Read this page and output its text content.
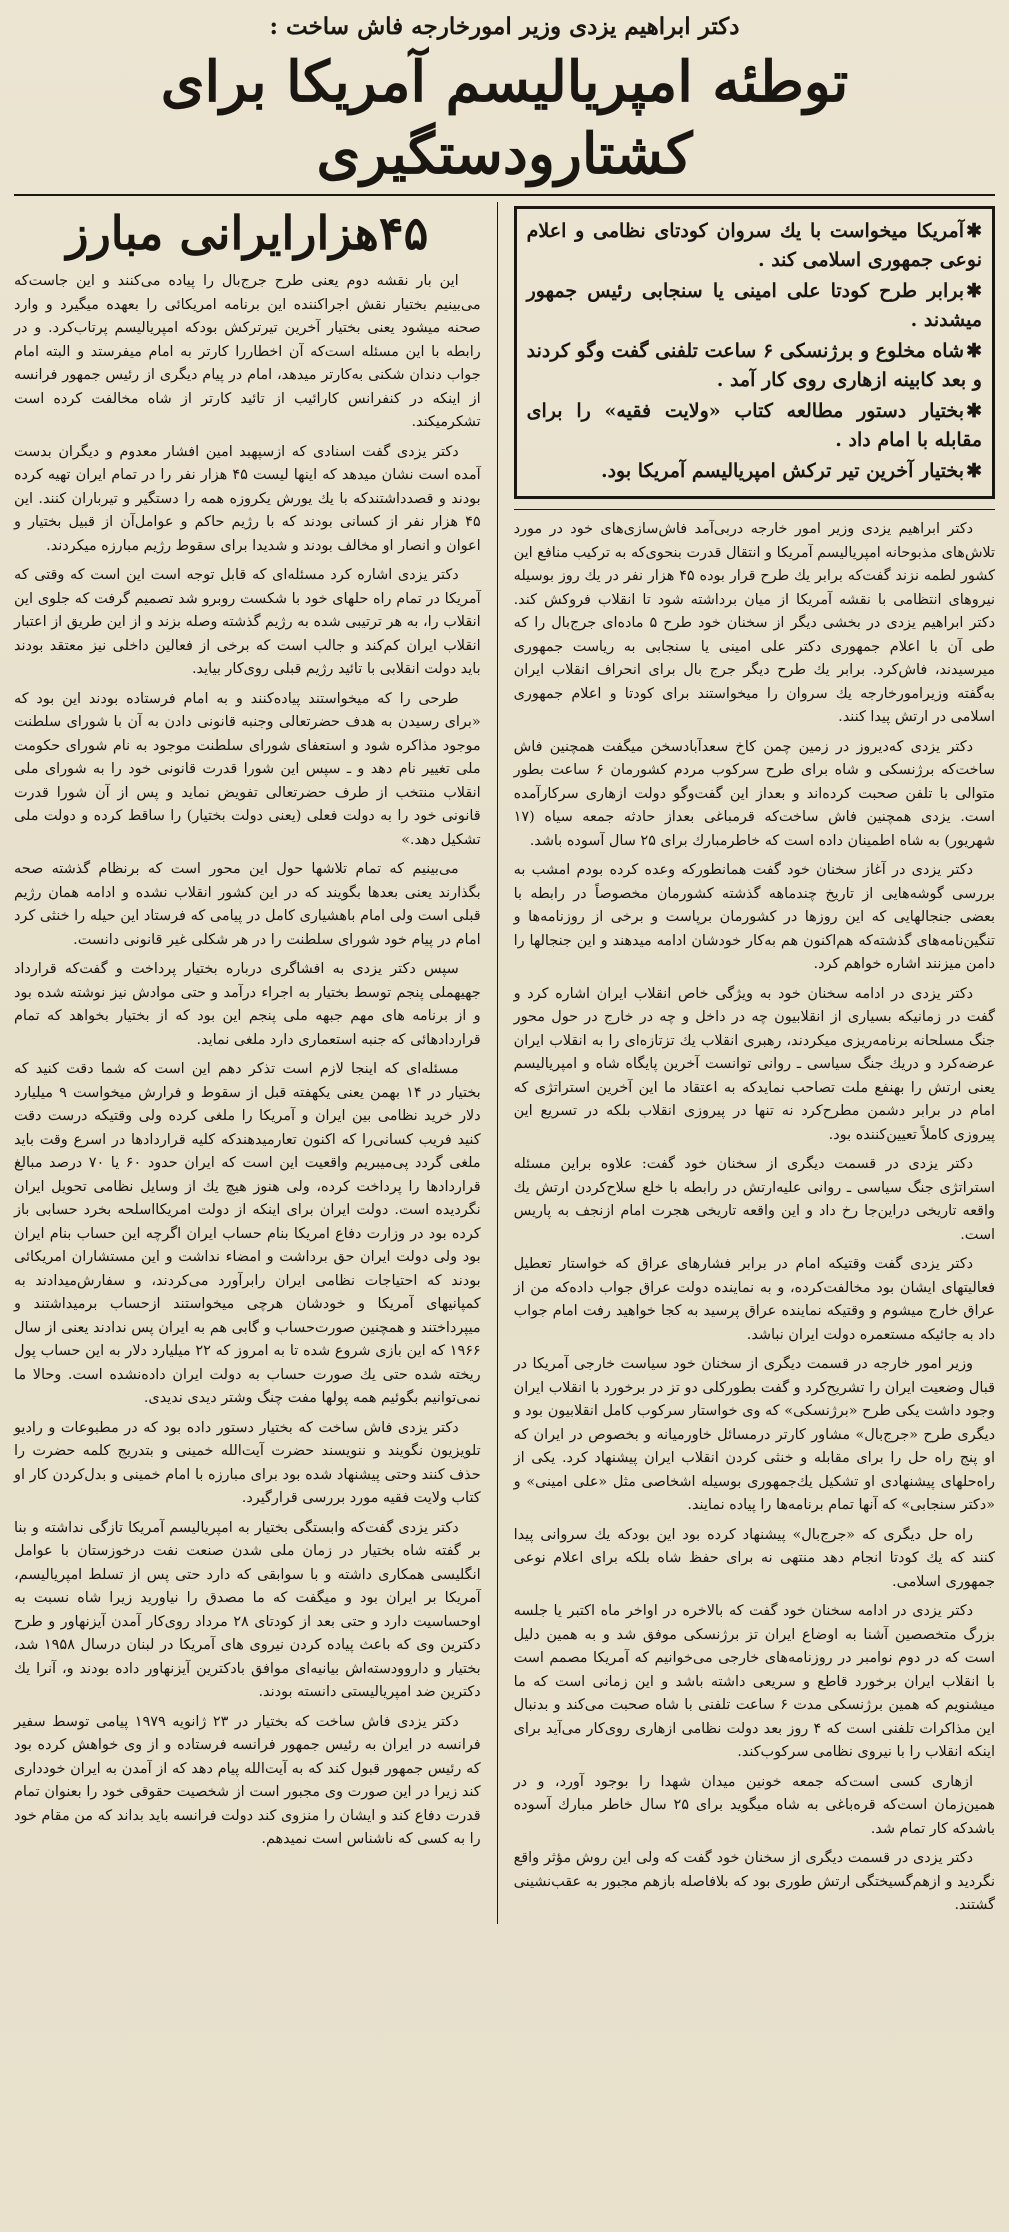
دکتر ابراهیم یزدی وزیر امورخارجه فاش ساخت :
توطئه امپریالیسم آمریکا برای کشتارودستگیری

✱آمریکا میخواست با یك سروان کودتای نظامی و اعلام نوعی جمهوری اسلامی کند .

✱برابر طرح کودتا علی امینی یا سنجابی رئیس جمهور میشدند .

✱شاه مخلوع و برژنسکی ۶ ساعت تلفنی گفت وگو کردند و بعد کابینه ازهاری روی کار آمد .

✱بختیار دستور مطالعه کتاب «ولایت فقیه» را برای مقابله با امام داد .

✱بختیار آخرین تیر ترکش امپریالیسم آمریکا بود.

دکتر ابراهیم یزدی وزیر امور خارجه دربی‌آمد فاش‌سازی‌های خود در مورد تلاش‌های مذبوحانه امپریالیسم آمریکا و انتقال قدرت بنحوی‌که به ترکیب منافع این کشور لطمه نزند گفت‌که برابر یك طرح قرار بوده ۴۵ هزار نفر در یك روز بوسیله نیروهای انتظامی با نقشه آمریکا از میان برداشته شود تا انقلاب فروکش کند. دکتر ابراهیم یزدی در بخشی دیگر از سخنان خود طرح ۵ ماده‌ای جرج‌بال را که طی آن با اعلام جمهوری دکتر علی امینی یا سنجابی به ریاست جمهوری میرسیدند، فاش‌کرد. برابر یك طرح دیگر جرج بال برای انحراف انقلاب ایران به‌گفته وزیرامورخارجه یك سروان را میخواستند برای کودتا و اعلام جمهوری اسلامی در ارتش پیدا کنند.

دکتر یزدی که‌دیروز در زمین چمن کاخ سعدآبادسخن میگفت همچنین فاش ساخت‌که برژنسکی و شاه برای طرح سرکوب مردم کشورمان ۶ ساعت بطور متوالی با تلفن صحبت کرده‌اند و بعداز این گفت‌وگو دولت ازهاری سرکارآمده است. یزدی همچنین فاش ساخت‌که قرمباغی بعداز حادثه جمعه سیاه (۱۷ شهریور) به شاه اطمینان داده است که خاطرمبارك برای ۲۵ سال آسوده باشد.

دکتر یزدی در آغاز سخنان خود گفت همانطورکه وعده کرده بودم امشب به بررسی گوشه‌هایی از تاریخ چندماهه گذشته کشورمان مخصوصاً در رابطه با بعضی جنجالهایی که این روزها در کشورمان برپاست و برخی از روزنامه‌ها و تنگین‌نامه‌های گذشته‌که هم‌اکنون هم به‌کار خودشان ادامه میدهند و این جنجالها را دامن میزنند اشاره خواهم کرد.

دکتر یزدی در ادامه سخنان خود به ویژگی خاص انقلاب ایران اشاره کرد و گفت در زمانیکه بسیاری از انقلابیون چه در داخل و چه در خارج در حول محور جنگ مسلحانه برنامه‌ریزی میکردند، رهبری انقلاب یك تزتازه‌ای را به انقلاب ایران عرضه‌کرد و دریك جنگ سیاسی ـ روانی توانست آخرین پایگاه شاه و امپریالیسم یعنی ارتش را بهنفع ملت تصاحب نمایدکه به اعتقاد ما این آخرین استراتژی که امام در برابر دشمن مطرح‌کرد نه تنها در پیروزی انقلاب بلکه در تسریع این پیروزی کاملاً تعیین‌کننده بود.

دکتر یزدی در قسمت دیگری از سخنان خود گفت: علاوه براین مسئله استراتژی جنگ سیاسی ـ روانی علیه‌ارتش در رابطه با خلع سلاح‌کردن ارتش یك واقعه تاریخی دراین‌جا رخ داد و این واقعه تاریخی هجرت امام ازنجف به پاریس است.

دکتر یزدی گفت وقتیکه امام در برابر فشارهای عراق که خواستار تعطیل فعالیتهای ایشان بود مخالفت‌کرده، و به نماینده دولت عراق جواب داده‌که من از عراق خارج میشوم و وقتیکه نماینده عراق پرسید به کجا خواهید رفت امام جواب داد به جائیکه مستعمره دولت ایران نباشد.

وزیر امور خارجه در قسمت دیگری از سخنان خود سیاست خارجی آمریکا در قبال وضعیت ایران را تشریح‌کرد و گفت بطورکلی دو تز در برخورد با انقلاب ایران وجود داشت یکی طرح «برژنسکی» که وی خواستار سرکوب کامل انقلابیون بود و دیگری طرح «جرج‌بال» مشاور کارتر درمسائل خاورمیانه و بخصوص در ایران که او پنج راه حل را برای مقابله و خنثی کردن انقلاب ایران پیشنهاد کرد. یکی از راه‌حلهای پیشنهادی او تشکیل یك‌جمهوری بوسیله اشخاصی مثل «علی امینی» و «دکتر سنجابی» که آنها تمام برنامه‌ها را پیاده نمایند.

راه حل دیگری که «جرج‌بال» پیشنهاد کرده بود این بودکه یك سروانی پیدا کنند که یك کودتا انجام دهد منتهی نه برای حفظ شاه بلکه برای اعلام نوعی جمهوری اسلامی.

دکتر یزدی در ادامه سخنان خود گفت که بالاخره در اواخر ماه اکتبر یا جلسه بزرگ متخصصین آشنا به اوضاع ایران تز برژنسکی موفق شد و به همین دلیل است که در دوم نوامبر در روزنامه‌های خارجی می‌خوانیم که آمریکا مصمم است با انقلاب ایران برخورد قاطع و سریعی داشته باشد و این زمانی است که ما میشنویم که همین برژنسکی مدت ۶ ساعت تلفنی با شاه صحبت می‌کند و بدنبال این مذاکرات تلفنی است که ۴ روز بعد دولت نظامی ازهاری روی‌کار می‌آید برای اینکه انقلاب را با نیروی نظامی سرکوب‌کند.

ازهاری کسی است‌که جمعه خونین میدان شهدا را بوجود آورد، و در همین‌زمان است‌که قره‌باغی به شاه میگوید برای ۲۵ سال خاطر مبارك آسوده باشد‌که کار تمام شد.

دکتر یزدی در قسمت دیگری از سخنان خود گفت که ولی این روش مؤثر واقع نگردید و ازهم‌گسیختگی ارتش طوری بود که بلافاصله بازهم مجبور به عقب‌نشینی گشتند.

۴۵هزارایرانی مبارز

این بار نقشه دوم یعنی طرح جرج‌بال را پیاده می‌کنند و این جاست‌که می‌بینیم بختیار نقش اجراکننده این برنامه امریکائی را بعهده میگیرد و وارد صحنه میشود یعنی بختیار آخرین تیرترکش بودکه امپریالیسم پرتاب‌کرد. و در رابطه با این مسئله است‌که آن اخطاررا کارتر به امام میفرستد و البته امام جواب دندان شکنی به‌کارتر میدهد، امام در پیام دیگری از رئیس جمهور فرانسه از اینکه در کنفرانس کارائیب از تائید کارتر از شاه مخالفت کرده است تشکرمیکند.

دکتر یزدی گفت اسنادی که ازسپهبد امین افشار معدوم و دیگران بدست آمده است نشان میدهد که اینها لیست ۴۵ هزار نفر را در تمام ایران تهیه کرده بودند و قصدداشتندکه با یك یورش یکروزه همه را دستگیر و تیرباران کنند. این ۴۵ هزار نفر از کسانی بودند که با رژیم حاکم و عوامل‌آن از قبیل بختیار و اعوان و انصار او مخالف بودند و شدیدا برای سقوط رژیم مبارزه میکردند.

دکتر یزدی اشاره کرد مسئله‌ای که قابل توجه است این است که وقتی که آمریکا در تمام راه حلهای خود با شکست روبرو شد تصمیم گرفت که جلوی این انقلاب را، به هر ترتیبی شده به رژیم گذشته وصله بزند و از این طریق از اعتبار انقلاب ایران کم‌کند و جالب است که برخی از فعالین داخلی نیز معتقد بودند باید دولت انقلابی با تائید رژیم قبلی روی‌کار بیاید.

طرحی را که میخواستند پیاده‌کنند و به امام فرستاده بودند این بود که «برای رسیدن به هدف حضرتعالی وجنبه قانونی دادن به آن با شورای سلطنت موجود مذاکره شود و استعفای شورای سلطنت موجود به نام شورای حکومت ملی تغییر نام دهد و ـ سپس این شورا قدرت قانونی خود را به شورای ملی انقلاب منتخب از طرف حضرتعالی تفویض نماید و پس از آن شورا قدرت قانونی خود را به دولت فعلی (یعنی دولت بختیار) را ساقط کرده و دولت ملی تشکیل دهد.»

می‌بینیم که تمام تلاشها حول این محور است که برنظام گذشته صحه بگذارند یعنی بعدها بگویند که در این کشور انقلاب نشده و ادامه همان رژیم قبلی است ولی امام باهشیاری کامل در پیامی که فرستاد این حیله را خنثی کرد امام در پیام خود شورای سلطنت را در هر شکلی غیر قانونی دانست.

سپس دکتر یزدی به افشاگری درباره بختیار پرداخت و گفت‌که قرارداد جهیهملی پنجم توسط بختیار به اجراء درآمد و حتی موادش نیز نوشته شده بود و از برنامه های مهم جبهه ملی پنجم این بود که از بختیار بخواهد که تمام قراردادهائی که جنبه استعماری دارد ملغی نماید.

مسئله‌ای که اینجا لازم است تذکر دهم این است که شما دقت کنید که بختیار در ۱۴ بهمن یعنی یکهفته قبل از سقوط و فرارش میخواست ۹ میلیارد دلار خرید نظامی بین ایران و آمریکا را ملغی کرده ولی وقتیکه درست دقت کنید فریب کسانی‌را که اکنون تعارمیدهندکه کلیه قراردادها در اسرع وقت باید ملغی گردد پی‌میبریم واقعیت این است که ایران حدود ۶۰ یا ۷۰ درصد مبالغ قراردادها را پرداخت کرده، ولی هنوز هیچ یك از وسایل نظامی تحویل ایران نگردیده است. دولت ایران برای اینکه از دولت امریکااسلحه بخرد حسابی باز کرده بود در وزارت دفاع امریکا بنام حساب ایران اگرچه این حساب بنام ایران بود ولی دولت ایران حق برداشت و امضاء نداشت و این مستشاران امریکائی بودند که احتیاجات نظامی ایران رابرآورد می‌کردند، و سفارش‌میدادند به کمپانیهای آمریکا و خودشان هرچی میخواستند ازحساب برمیداشتند و میپرداختند و همچنین صورت‌حساب و گابی هم به ایران پس ندادند یعنی از سال ۱۹۶۶ که این بازی شروع شده تا به امروز که ۲۲ میلیارد دلار به این حساب پول ریخته شده حتی یك صورت حساب به دولت ایران داده‌نشده است. وحالا ما نمی‌توانیم بگوئیم همه پولها مفت چنگ وشتر دیدی ندیدی.

دکتر یزدی فاش ساخت که بختیار دستور داده بود که در مطبوعات و رادیو تلویزیون نگویند و ننویسند حضرت آیت‌الله خمینی و بتدریج کلمه حضرت را حذف کنند وحتی پیشنهاد شده بود برای مبارزه با امام خمینی و بدل‌کردن کار او کتاب ولایت فقیه مورد بررسی قرارگیرد.

دکتر یزدی گفت‌که وابستگی بختیار به امپریالیسم آمریکا تازگی نداشته و بنا بر گفته شاه بختیار در زمان ملی شدن صنعت نفت درخوزستان با عوامل انگلیسی همکاری داشته و با سوابقی که دارد حتی پس از تسلط امپریالیسم، آمریکا بر ایران بود و میگفت که ما مصدق را نیاورید زیرا شاه نسبت به اوحساسیت دارد و حتی بعد از کودتای ۲۸ مرداد روی‌کار آمدن آیزنهاور و طرح دکترین وی که باعث پیاده کردن نیروی های آمریکا در لبنان درسال ۱۹۵۸ شد، بختیار و داروودسته‌اش بیانیه‌ای موافق باد‌کترین آیزنهاور داده بودند و، آنرا یك دکترین ضد امپریالیستی دانسته بودند.

دکتر یزدی فاش ساخت که بختیار در ۲۳ ژانویه ۱۹۷۹ پیامی توسط سفیر فرانسه در ایران به رئیس جمهور فرانسه فرستاده و از وی خواهش کرده بود که رئیس جمهور قبول کند که به آیت‌الله پیام دهد که از آمدن به ایران خودداری کند زیرا در این صورت وی مجبور است از شخصیت حقوقی خود را بعنوان تمام قدرت دفاع کند و ایشان را منزوی کند دولت فرانسه باید بداند که من مقام خود را به کسی که ناشناس است نمیدهم.
